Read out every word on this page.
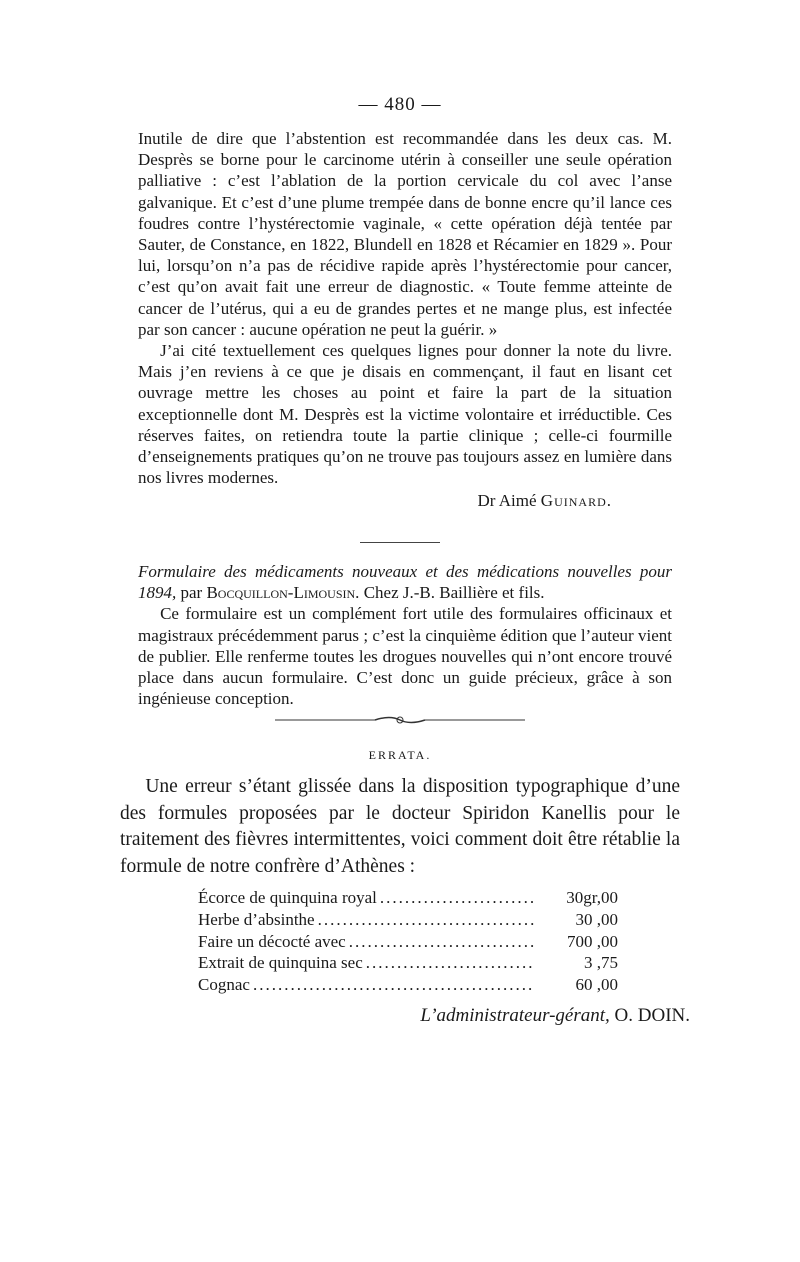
— 480 —

Inutile de dire que l’abstention est recommandée dans les deux cas. M. Desprès se borne pour le carcinome utérin à conseiller une seule opération palliative : c’est l’ablation de la portion cervicale du col avec l’anse galvanique. Et c’est d’une plume trempée dans de bonne encre qu’il lance ces foudres contre l’hystérectomie vaginale, « cette opération déjà tentée par Sauter, de Constance, en 1822, Blundell en 1828 et Récamier en 1829 ». Pour lui, lorsqu’on n’a pas de récidive rapide après l’hystérectomie pour cancer, c’est qu’on avait fait une erreur de diagnostic. « Toute femme atteinte de cancer de l’utérus, qui a eu de grandes pertes et ne mange plus, est infectée par son cancer : aucune opération ne peut la guérir. »

J’ai cité textuellement ces quelques lignes pour donner la note du livre. Mais j’en reviens à ce que je disais en commençant, il faut en lisant cet ouvrage mettre les choses au point et faire la part de la situation exceptionnelle dont M. Desprès est la victime volontaire et irréductible. Ces réserves faites, on retiendra toute la partie clinique ; celle-ci fourmille d’enseignements pratiques qu’on ne trouve pas toujours assez en lumière dans nos livres modernes.

Dr Aimé Guinard.

Formulaire des médicaments nouveaux et des médications nouvelles pour 1894, par Bocquillon-Limousin. Chez J.-B. Baillière et fils.

Ce formulaire est un complément fort utile des formulaires officinaux et magistraux précédemment parus ; c’est la cinquième édition que l’auteur vient de publier. Elle renferme toutes les drogues nouvelles qui n’ont encore trouvé place dans aucun formulaire. C’est donc un guide précieux, grâce à son ingénieuse conception.

ERRATA.

Une erreur s’étant glissée dans la disposition typographique d’une des formules proposées par le docteur Spiridon Kanellis pour le traitement des fièvres intermittentes, voici comment doit être rétablie la formule de notre confrère d’Athènes :

Écorce de quinquina royal .....	30gr,00
Herbe d’absinthe .....	30 ,00
Faire un décocté avec .....	700 ,00
Extrait de quinquina sec .....	3 ,75
Cognac .....	60 ,00
L’administrateur-gérant, O. DOIN.
